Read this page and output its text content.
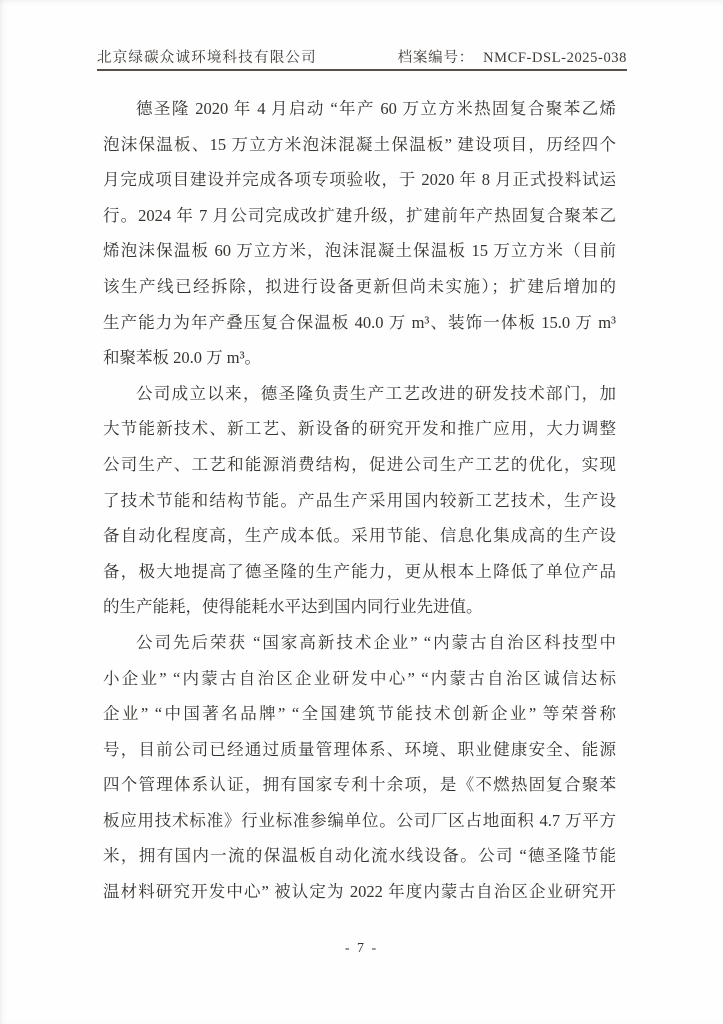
北京绿碳众诚环境科技有限公司	档案编号： NMCF-DSL-2025-038
德圣隆 2020 年 4 月启动 “年产 60 万立方米热固复合聚苯乙烯
泡沫保温板、15 万立方米泡沫混凝土保温板” 建设项目，历经四个
月完成项目建设并完成各项专项验收，于 2020 年 8 月正式投料试运
行。2024 年 7 月公司完成改扩建升级，扩建前年产热固复合聚苯乙
烯泡沫保温板 60 万立方米，泡沫混凝土保温板 15 万立方米（目前
该生产线已经拆除，拟进行设备更新但尚未实施）；扩建后增加的
生产能力为年产叠压复合保温板 40.0 万 m³、装饰一体板 15.0 万 m³
和聚苯板 20.0 万 m³。
公司成立以来，德圣隆负责生产工艺改进的研发技术部门，加
大节能新技术、新工艺、新设备的研究开发和推广应用，大力调整
公司生产、工艺和能源消费结构，促进公司生产工艺的优化，实现
了技术节能和结构节能。产品生产采用国内较新工艺技术，生产设
备自动化程度高，生产成本低。采用节能、信息化集成高的生产设
备，极大地提高了德圣隆的生产能力，更从根本上降低了单位产品
的生产能耗，使得能耗水平达到国内同行业先进值。
公司先后荣获 “国家高新技术企业” “内蒙古自治区科技型中
小企业” “内蒙古自治区企业研发中心” “内蒙古自治区诚信达标
企业” “中国著名品牌” “全国建筑节能技术创新企业” 等荣誉称
号，目前公司已经通过质量管理体系、环境、职业健康安全、能源
四个管理体系认证，拥有国家专利十余项，是《不燃热固复合聚苯
板应用技术标准》行业标准参编单位。公司厂区占地面积 4.7 万平方
米，拥有国内一流的保温板自动化流水线设备。公司 “德圣隆节能
温材料研究开发中心” 被认定为 2022 年度内蒙古自治区企业研究开
- 7 -
